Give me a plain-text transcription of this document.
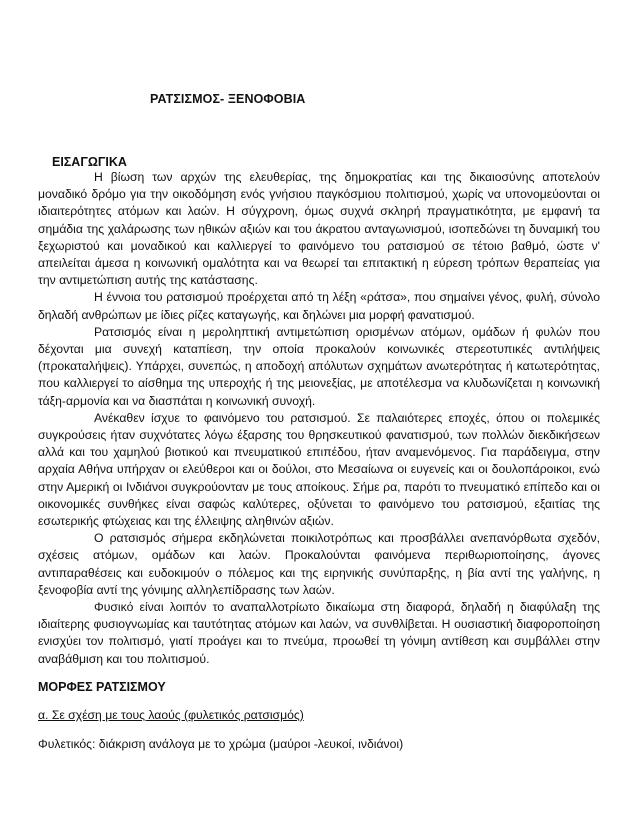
ΡΑΤΣΙΣΜΟΣ- ΞΕΝΟΦΟΒΙΑ
ΕΙΣΑΓΩΓΙΚΑ

Η βίωση των αρχών της ελευθερίας, της δημοκρατίας και της δικαιοσύνης αποτελούν μοναδικό δρόμο για την οικοδόμηση ενός γνήσιου παγκόσμιου πολιτισμού, χωρίς να υπονομεύονται οι ιδιαιτερότητες ατόμων και λαών. Η σύγχρονη, όμως συχνά σκληρή πραγματικότητα, με εμφανή τα σημάδια της χαλάρωσης των ηθικών αξιών και του άκρατου ανταγωνισμού, ισοπεδώνει τη δυναμική του ξεχωριστού και μοναδικού και καλλιεργεί το φαινόμενο του ρατσισμού σε τέτοιο βαθμό, ώστε ν' απειλείται άμεσα η κοινωνική ομαλότητα και να θεωρεί ται επιτακτική η εύρεση τρόπων θεραπείας για την αντιμετώπιση αυτής της κατάστασης.

Η έννοια του ρατσισμού προέρχεται από τη λέξη «ράτσα», που σημαίνει γένος, φυλή, σύνολο δηλαδή ανθρώπων με ίδιες ρίζες καταγωγής, και δηλώνει μια μορφή φανατισμού.

Ρατσισμός είναι η μεροληπτική αντιμετώπιση ορισμένων ατόμων, ομάδων ή φυλών που δέχονται μια συνεχή καταπίεση, την οποία προκαλούν κοινωνικές στερεοτυπικές αντιλήψεις (προκαταλήψεις). Υπάρχει, συνεπώς, η αποδοχή απόλυτων σχημάτων ανωτερότητας ή κατωτερότητας, που καλλιεργεί το αίσθημα της υπεροχής ή της μειονεξίας, με αποτέλεσμα να κλυδωνίζεται η κοινωνική τάξη-αρμονία και να διασπάται η κοινωνική συνοχή.

Ανέκαθεν ίσχυε το φαινόμενο του ρατσισμού. Σε παλαιότερες εποχές, όπου οι πολεμικές συγκρούσεις ήταν συχνότατες λόγω έξαρσης του θρησκευτικού φανατισμού, των πολλών διεκδικήσεων αλλά και του χαμηλού βιοτικού και πνευματικού επιπέδου, ήταν αναμενόμενος. Για παράδειγμα, στην αρχαία Αθήνα υπήρχαν οι ελεύθεροι και οι δούλοι, στο Μεσαίωνα οι ευγενείς και οι δουλοπάροικοι, ενώ στην Αμερική οι Ινδιάνοι συγκρούονταν με τους αποίκους. Σήμε ρα, παρότι το πνευματικό επίπεδο και οι οικονομικές συνθήκες είναι σαφώς καλύτερες, οξύνεται το φαινόμενο του ρατσισμού, εξαιτίας της εσωτερικής φτώχειας και της έλλειψης αληθινών αξιών.

Ο ρατσισμός σήμερα εκδηλώνεται ποικιλοτρόπως και προσβάλλει ανεπανόρθωτα σχεδόν, σχέσεις ατόμων, ομάδων και λαών. Προκαλούνται φαινόμενα περιθωριοποίησης, άγονες αντιπαραθέσεις και ευδοκιμούν ο πόλεμος και της ειρηνικής συνύπαρξης, η βία αντί της γαλήνης, η ξενοφοβία αντί της γόνιμης αλληλεπίδρασης των λαών.

Φυσικό είναι λοιπόν το αναπαλλοτρίωτο δικαίωμα στη διαφορά, δηλαδή η διαφύλαξη της ιδιαίτερης φυσιογνωμίας και ταυτότητας ατόμων και λαών, να συνθλίβεται. Η ουσιαστική διαφοροποίηση ενισχύει τον πολιτισμό, γιατί προάγει και το πνεύμα, προωθεί τη γόνιμη αντίθεση και συμβάλλει στην αναβάθμιση και του πολιτισμού.

ΜΟΡΦΕΣ ΡΑΤΣΙΣΜΟΥ
α. Σε σχέση με τους λαούς (φυλετικός ρατσισμός)
Φυλετικός: διάκριση ανάλογα με το χρώμα (μαύροι -λευκοί, ινδιάνοι)
